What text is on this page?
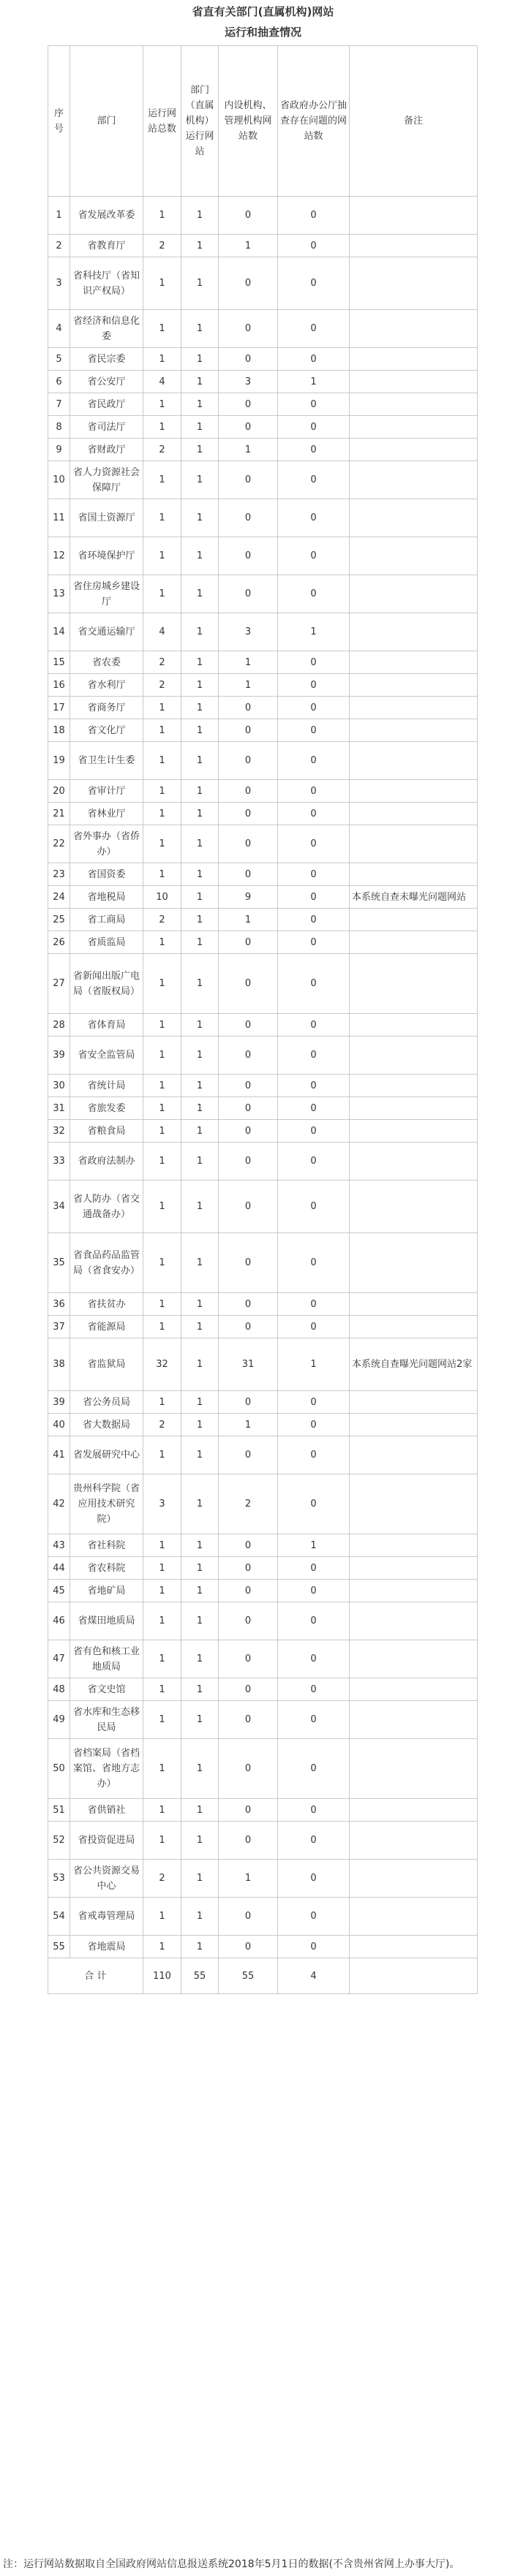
省直有关部门(直属机构)网站
运行和抽查情况
序号	部门	运行网站总数	部门（直属机构）运行网站	内设机构、管理机构网站数	省政府办公厅抽查存在问题的网站数	备注
1	省发展改革委	1	1	0	0	
2	省教育厅	2	1	1	0	
3	省科技厅（省知识产权局）	1	1	0	0	
4	省经济和信息化委	1	1	0	0	
5	省民宗委	1	1	0	0	
6	省公安厅	4	1	3	1	
7	省民政厅	1	1	0	0	
8	省司法厅	1	1	0	0	
9	省财政厅	2	1	1	0	
10	省人力资源社会保障厅	1	1	0	0	
11	省国土资源厅	1	1	0	0	
12	省环境保护厅	1	1	0	0	
13	省住房城乡建设厅	1	1	0	0	
14	省交通运输厅	4	1	3	1	
15	省农委	2	1	1	0	
16	省水利厅	2	1	1	0	
17	省商务厅	1	1	0	0	
18	省文化厅	1	1	0	0	
19	省卫生计生委	1	1	0	0	
20	省审计厅	1	1	0	0	
21	省林业厅	1	1	0	0	
22	省外事办（省侨办）	1	1	0	0	
23	省国资委	1	1	0	0	
24	省地税局	10	1	9	0	本系统自查未曝光问题网站
25	省工商局	2	1	1	0	
26	省质监局	1	1	0	0	
27	省新闻出版广电局（省版权局）	1	1	0	0	
28	省体育局	1	1	0	0	
39	省安全监管局	1	1	0	0	
30	省统计局	1	1	0	0	
31	省旅发委	1	1	0	0	
32	省粮食局	1	1	0	0	
33	省政府法制办	1	1	0	0	
34	省人防办（省交通战备办）	1	1	0	0	
35	省食品药品监管局（省食安办）	1	1	0	0	
36	省扶贫办	1	1	0	0	
37	省能源局	1	1	0	0	
38	省监狱局	32	1	31	1	本系统自查曝光问题网站2家
39	省公务员局	1	1	0	0	
40	省大数据局	2	1	1	0	
41	省发展研究中心	1	1	0	0	
42	贵州科学院（省应用技术研究院）	3	1	2	0	
43	省社科院	1	1	0	1	
44	省农科院	1	1	0	0	
45	省地矿局	1	1	0	0	
46	省煤田地质局	1	1	0	0	
47	省有色和核工业地质局	1	1	0	0	
48	省文史馆	1	1	0	0	
49	省水库和生态移民局	1	1	0	0	
50	省档案局（省档案馆、省地方志办）	1	1	0	0	
51	省供销社	1	1	0	0	
52	省投资促进局	1	1	0	0	
53	省公共资源交易中心	2	1	1	0	
54	省戒毒管理局	1	1	0	0	
55	省地震局	1	1	0	0	
合 计		110	55	55	4	
注：运行网站数据取自全国政府网站信息报送系统2018年5月1日的数据(不含贵州省网上办事大厅)。
